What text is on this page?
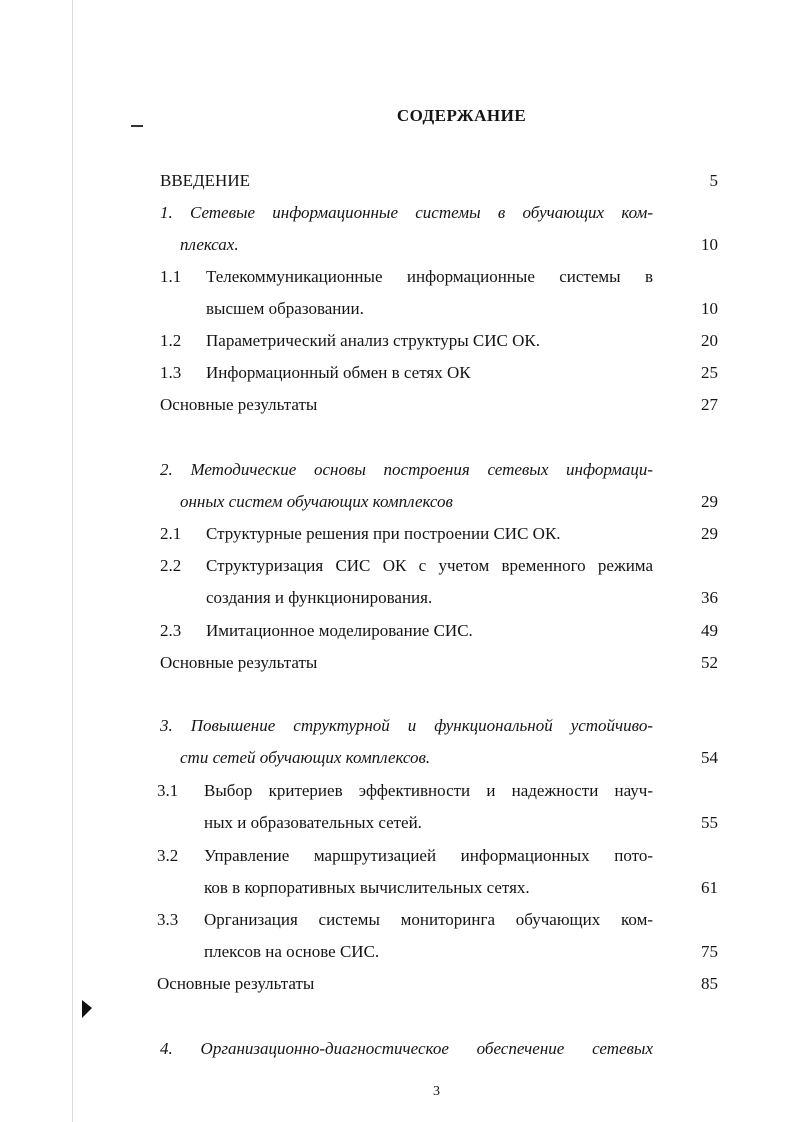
СОДЕРЖАНИЕ
ВВЕДЕНИЕ	5
1. Сетевые информационные системы в обучающих ком-
плексах.	10
1.1 Телекоммуникационные информационные системы в
высшем образовании.	10
1.2 Параметрический анализ структуры СИС ОК.	20
1.3 Информационный обмен в сетях ОК	25
Основные результаты	27
2. Методические основы построения сетевых информаци-
онных систем обучающих комплексов	29
2.1 Структурные решения при построении СИС ОК.	29
2.2 Структуризация СИС ОК с учетом временного режима
создания и функционирования.	36
2.3 Имитационное моделирование СИС.	49
Основные результаты	52
3. Повышение структурной и функциональной устойчиво-
сти сетей обучающих комплексов.	54
3.1 Выбор критериев эффективности и надежности науч-
ных и образовательных сетей.	55
3.2 Управление маршрутизацией информационных пото-
ков в корпоративных вычислительных сетях.	61
3.3 Организация системы мониторинга обучающих ком-
плексов на основе СИС.	75
Основные результаты	85
4. Организационно-диагностическое обеспечение сетевых
3
